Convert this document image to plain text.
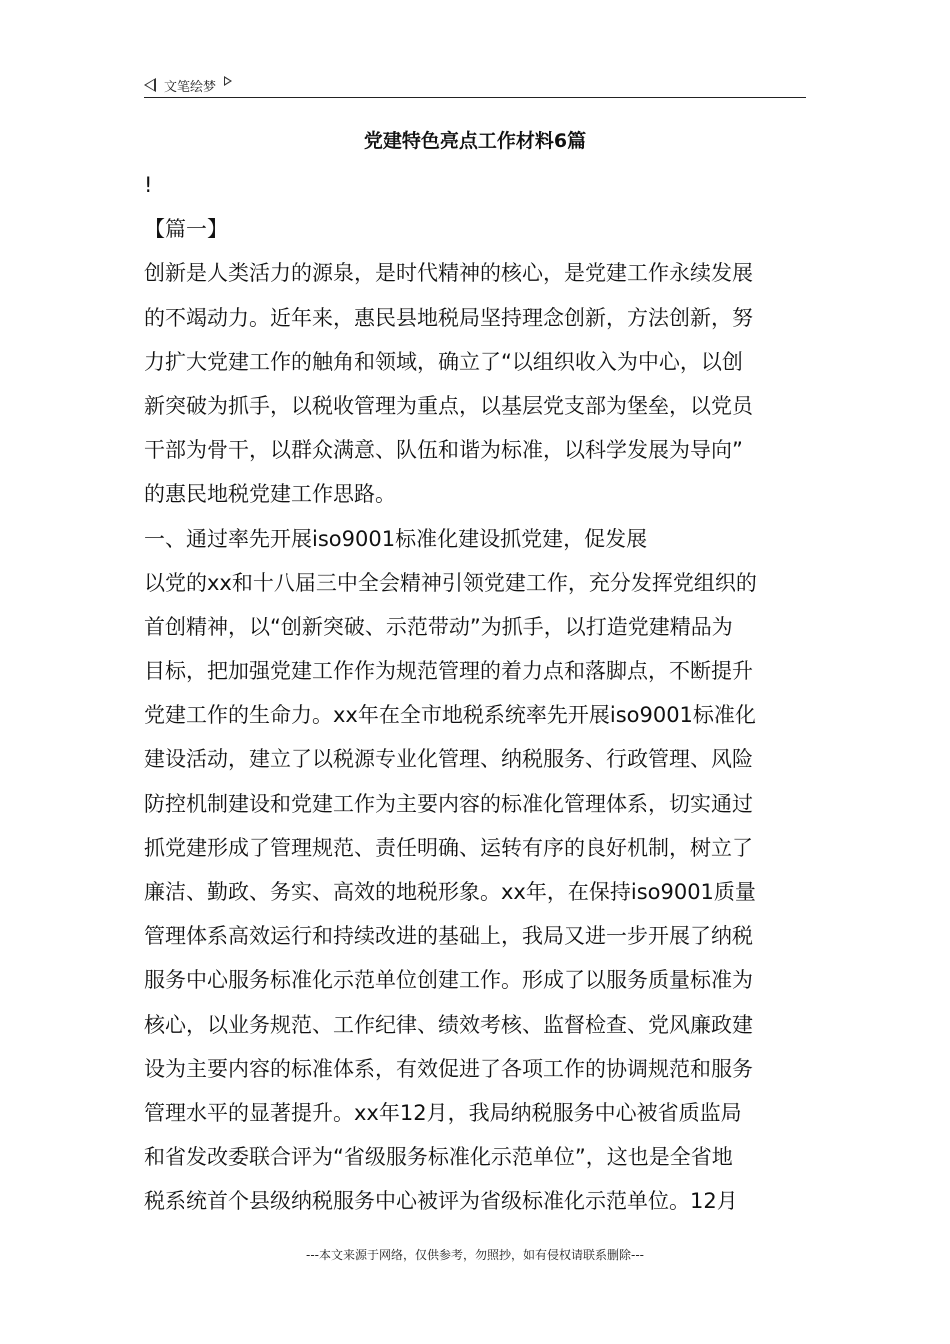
文笔绘梦
党建特色亮点工作材料6篇
!
【篇一】
创新是人类活力的源泉，是时代精神的核心，是党建工作永续发展
的不竭动力。近年来，惠民县地税局坚持理念创新，方法创新，努
力扩大党建工作的触角和领域，确立了“以组织收入为中心，以创
新突破为抓手，以税收管理为重点，以基层党支部为堡垒，以党员
干部为骨干，以群众满意、队伍和谐为标准，以科学发展为导向”
的惠民地税党建工作思路。
一、通过率先开展iso9001标准化建设抓党建，促发展
以党的xx和十八届三中全会精神引领党建工作，充分发挥党组织的
首创精神，以“创新突破、示范带动”为抓手，以打造党建精品为
目标，把加强党建工作作为规范管理的着力点和落脚点，不断提升
党建工作的生命力。xx年在全市地税系统率先开展iso9001标准化
建设活动，建立了以税源专业化管理、纳税服务、行政管理、风险
防控机制建设和党建工作为主要内容的标准化管理体系，切实通过
抓党建形成了管理规范、责任明确、运转有序的良好机制，树立了
廉洁、勤政、务实、高效的地税形象。xx年，在保持iso9001质量
管理体系高效运行和持续改进的基础上，我局又进一步开展了纳税
服务中心服务标准化示范单位创建工作。形成了以服务质量标准为
核心，以业务规范、工作纪律、绩效考核、监督检查、党风廉政建
设为主要内容的标准体系，有效促进了各项工作的协调规范和服务
管理水平的显著提升。xx年12月，我局纳税服务中心被省质监局
和省发改委联合评为“省级服务标准化示范单位”，这也是全省地
税系统首个县级纳税服务中心被评为省级标准化示范单位。12月
---本文来源于网络，仅供参考，勿照抄，如有侵权请联系删除---
